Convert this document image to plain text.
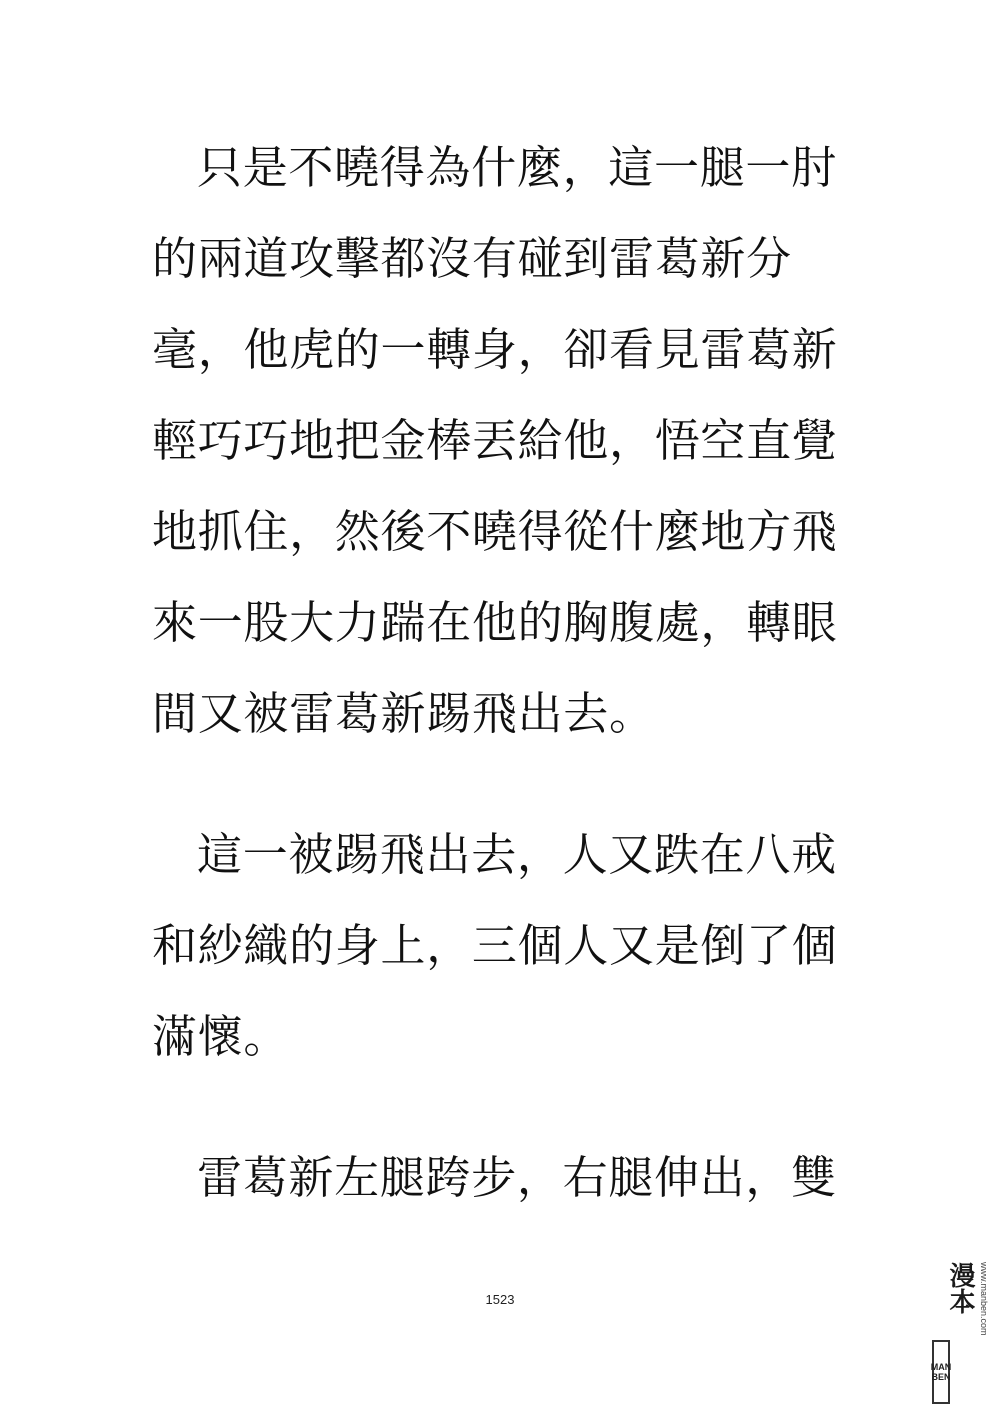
只是不曉得為什麼，這一腿一肘
的兩道攻擊都沒有碰到雷葛新分
毫，他虎的一轉身，卻看見雷葛新
輕巧巧地把金棒丟給他，悟空直覺
地抓住，然後不曉得從什麼地方飛
來一股大力踹在他的胸腹處，轉眼
間又被雷葛新踢飛出去。
這一被踢飛出去，人又跌在八戒
和紗織的身上，三個人又是倒了個
滿懷。
雷葛新左腿跨步，右腿伸出，雙
1523
MAN
BEN
漫本 www.manben.com
